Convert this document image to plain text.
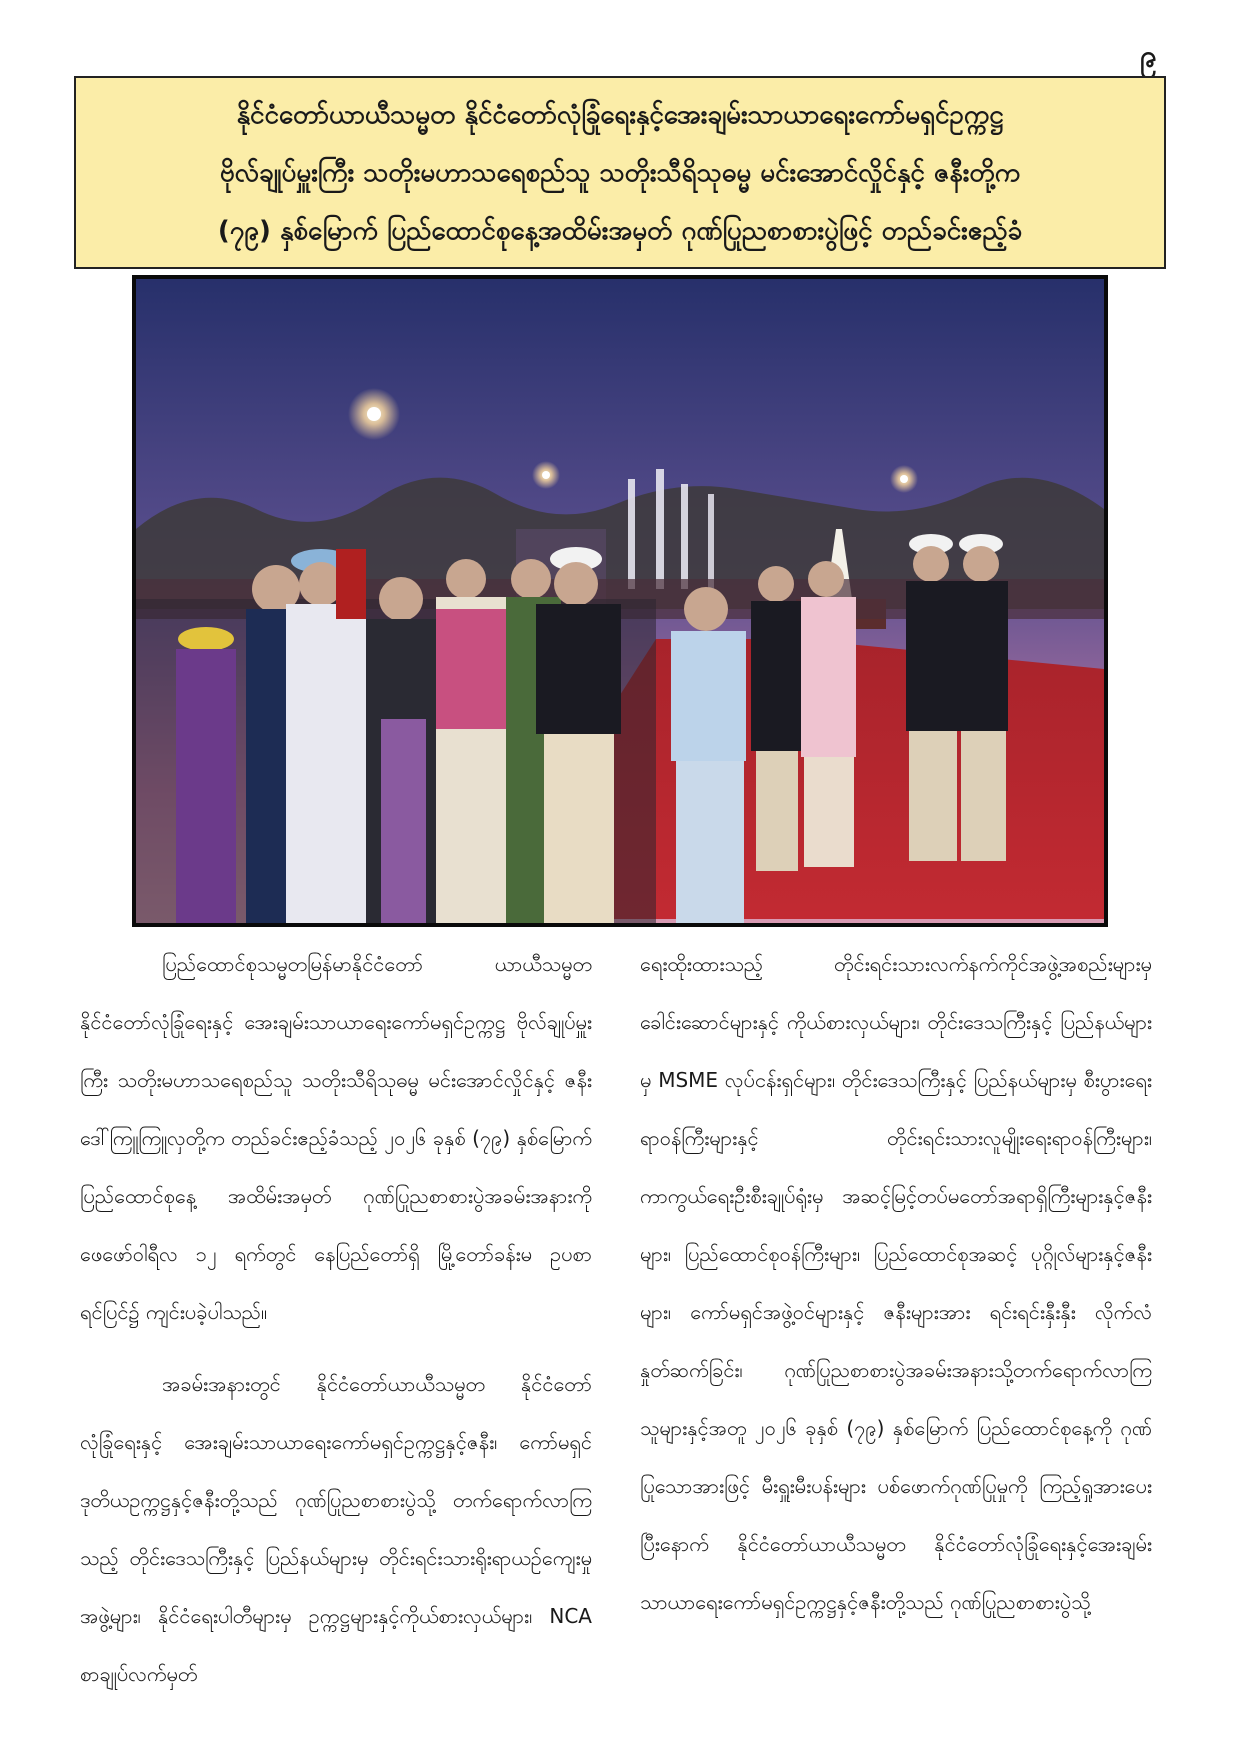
၉
နိုင်ငံတော်ယာယီသမ္မတ နိုင်ငံတော်လုံခြုံရေးနှင့်အေးချမ်းသာယာရေးကော်မရှင်ဥက္ကဋ္ဌ
ဗိုလ်ချုပ်မှူးကြီး သတိုးမဟာသရေစည်သူ သတိုးသီရိသုဓမ္မ မင်းအောင်လှိုင်နှင့် ဇနီးတို့က
(၇၉) နှစ်မြောက် ပြည်ထောင်စုနေ့အထိမ်းအမှတ် ဂုဏ်ပြုညစာစားပွဲဖြင့် တည်ခင်းဧည့်ခံ

ပြည်ထောင်စုသမ္မတမြန်မာနိုင်ငံတော် ယာယီသမ္မတ နိုင်ငံတော်လုံခြုံရေးနှင့် အေးချမ်းသာယာရေးကော်မရှင်ဥက္ကဋ္ဌ ဗိုလ်ချုပ်မှူးကြီး သတိုးမဟာသရေစည်သူ သတိုးသီရိသုဓမ္မ မင်းအောင်လှိုင်နှင့် ဇနီးဒေါ်ကြူကြူလှတို့က တည်ခင်းဧည့်ခံသည့် ၂၀၂၆ ခုနှစ် (၇၉) နှစ်မြောက် ပြည်ထောင်စုနေ့ အထိမ်းအမှတ် ဂုဏ်ပြုညစာစားပွဲအခမ်းအနားကို ဖေဖော်ဝါရီလ ၁၂ ရက်တွင် နေပြည်တော်ရှိ မြို့တော်ခန်းမ ဥပစာရင်ပြင်၌ ကျင်းပခဲ့ပါသည်။

အခမ်းအနားတွင် နိုင်ငံတော်ယာယီသမ္မတ နိုင်ငံတော်လုံခြုံရေးနှင့် အေးချမ်းသာယာရေးကော်မရှင်ဥက္ကဋ္ဌနှင့်ဇနီး၊ ကော်မရှင်ဒုတိယဥက္ကဋ္ဌနှင့်ဇနီးတို့သည် ဂုဏ်ပြုညစာစားပွဲသို့ တက်ရောက်လာကြသည့် တိုင်းဒေသကြီးနှင့် ပြည်နယ်များမှ တိုင်းရင်းသားရိုးရာယဉ်ကျေးမှုအဖွဲ့များ၊ နိုင်ငံရေးပါတီများမှ ဥက္ကဋ္ဌများနှင့်ကိုယ်စားလှယ်များ၊ NCA စာချုပ်လက်မှတ်

ရေးထိုးထားသည့် တိုင်းရင်းသားလက်နက်ကိုင်အဖွဲ့အစည်းများမှခေါင်းဆောင်များနှင့် ကိုယ်စားလှယ်များ၊ တိုင်းဒေသကြီးနှင့် ပြည်နယ်များမှ MSME လုပ်ငန်းရှင်များ၊ တိုင်းဒေသကြီးနှင့် ပြည်နယ်များမှ စီးပွားရေးရာဝန်ကြီးများနှင့် တိုင်းရင်းသားလူမျိုးရေးရာဝန်ကြီးများ၊ ကာကွယ်ရေးဦးစီးချုပ်ရုံးမှ အဆင့်မြင့်တပ်မတော်အရာရှိကြီးများနှင့်ဇနီးများ၊ ပြည်ထောင်စုဝန်ကြီးများ၊ ပြည်ထောင်စုအဆင့် ပုဂ္ဂိုလ်များနှင့်ဇနီးများ၊ ကော်မရှင်အဖွဲ့ဝင်များနှင့် ဇနီးများအား ရင်းရင်းနှီးနှီး လိုက်လံနှုတ်ဆက်ခြင်း၊ ဂုဏ်ပြုညစာစားပွဲအခမ်းအနားသို့တက်ရောက်လာကြသူများနှင့်အတူ ၂၀၂၆ ခုနှစ် (၇၉) နှစ်မြောက် ပြည်ထောင်စုနေ့ကို ဂုဏ်ပြုသောအားဖြင့် မီးရှူးမီးပန်းများ ပစ်ဖောက်ဂုဏ်ပြုမှုကို ကြည့်ရှုအားပေးပြီးနောက် နိုင်ငံတော်ယာယီသမ္မတ နိုင်ငံတော်လုံခြုံရေးနှင့်အေးချမ်းသာယာရေးကော်မရှင်ဥက္ကဋ္ဌနှင့်ဇနီးတို့သည် ဂုဏ်ပြုညစာစားပွဲသို့
